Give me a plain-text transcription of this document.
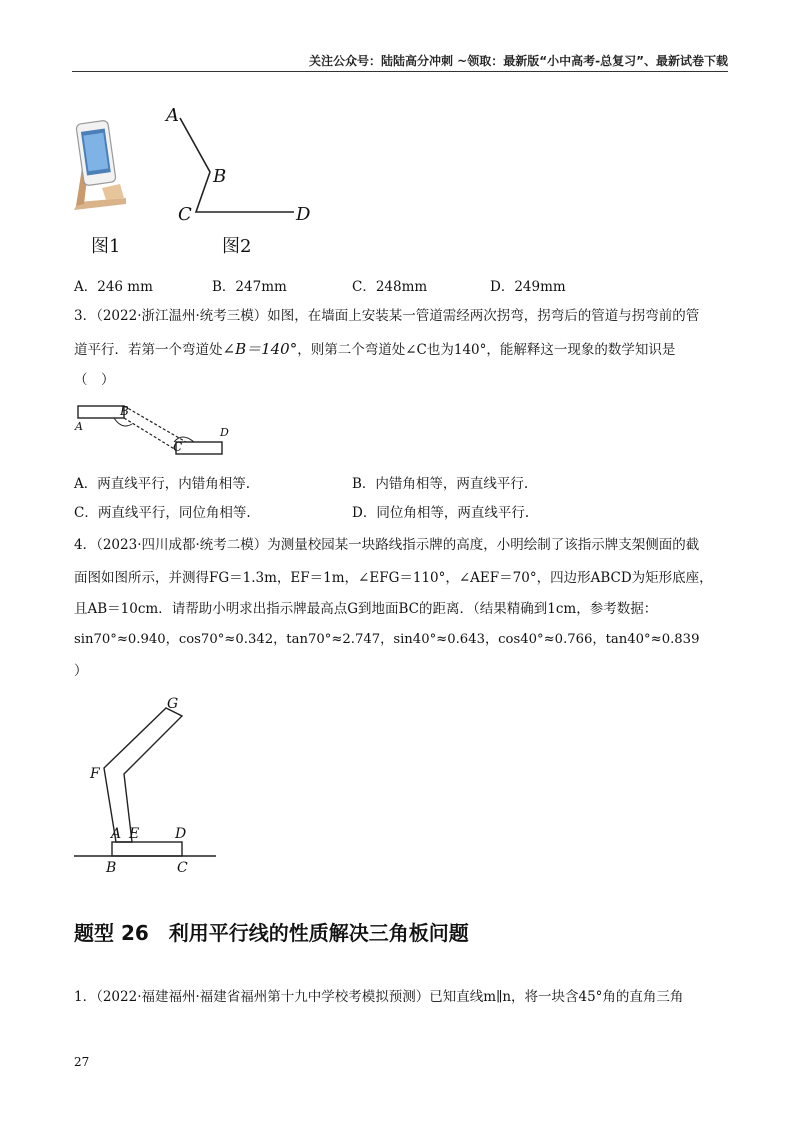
关注公众号：陆陆高分冲刺 ~领取：最新版“小中高考-总复习”、最新试卷下载
图1
A
B
C	D
图2
A．246 mm	B．247mm	C．248mm	D．249mm
3．（2022·浙江温州·统考三模）如图，在墙面上安装某一管道需经两次拐弯，拐弯后的管道与拐弯前的管
道平行．若第一个弯道处∠B＝140°，则第二个弯道处∠C也为140°，能解释这一现象的数学知识是
（　）
A
B
C
D
A．两直线平行，内错角相等.	B．内错角相等，两直线平行.
C．两直线平行，同位角相等.	D．同位角相等，两直线平行.
4．（2023·四川成都·统考二模）为测量校园某一块路线指示牌的高度，小明绘制了该指示牌支架侧面的截
面图如图所示，并测得FG＝1.3m，EF＝1m，∠EFG＝110°，∠AEF＝70°，四边形ABCD为矩形底座，
且AB＝10cm．请帮助小明求出指示牌最高点G到地面BC的距离．（结果精确到1cm，参考数据：
sin70°≈0.940，cos70°≈0.342，tan70°≈2.747，sin40°≈0.643，cos40°≈0.766，tan40°≈0.839
）
G
F
A E	D
B	C
题型 26　利用平行线的性质解决三角板问题
1．（2022·福建福州·福建省福州第十九中学校考模拟预测）已知直线m∥n，将一块含45°角的直角三角
27
